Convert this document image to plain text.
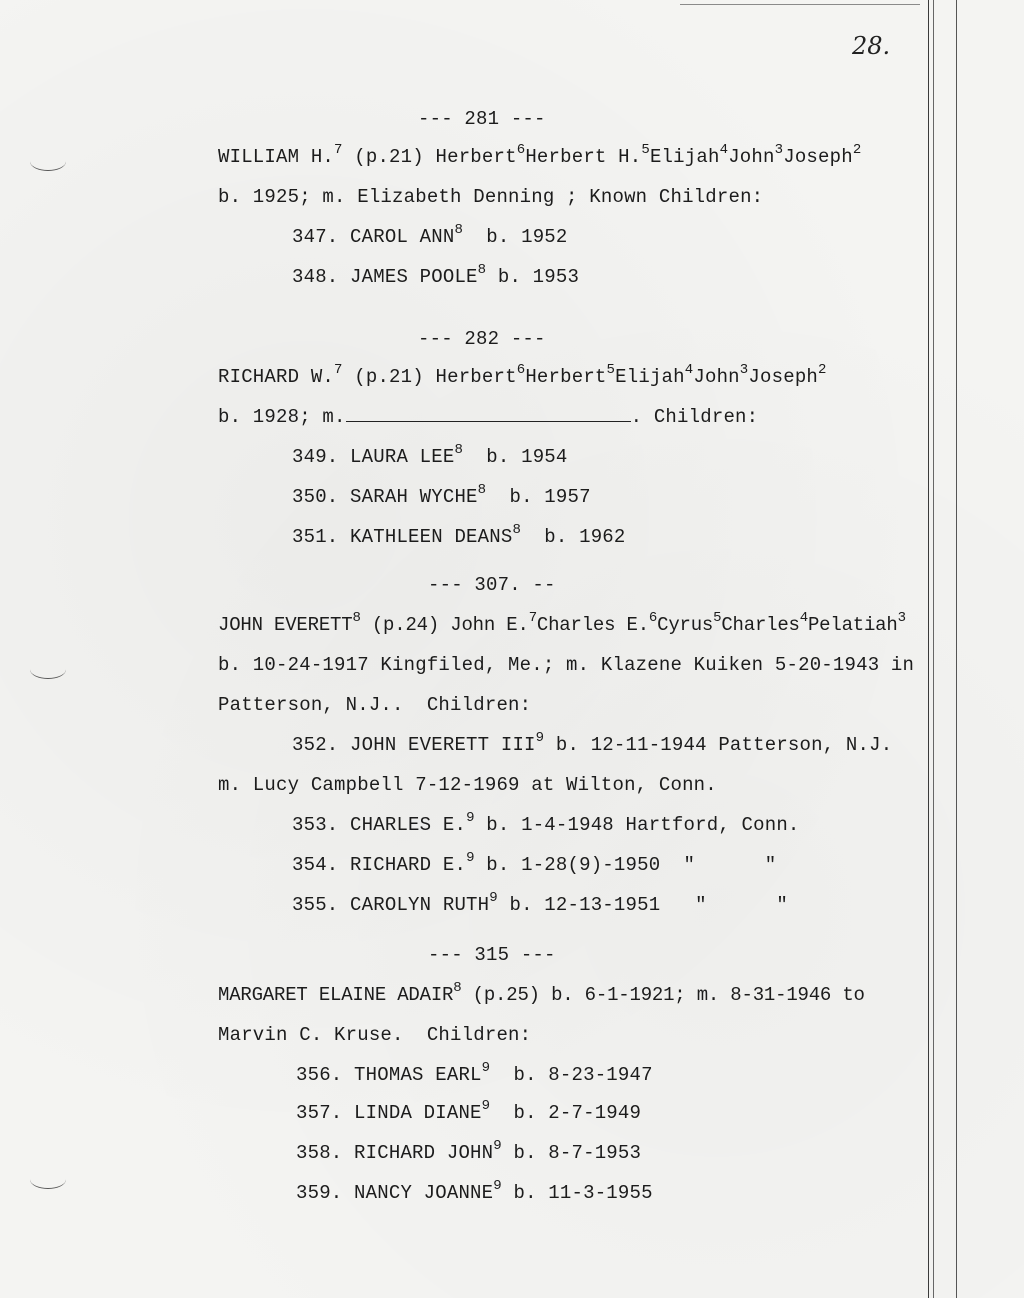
28.
--- 281 ---
WILLIAM H.$^7$ (p.21) Herbert$^6$Herbert H.$^5$Elijah$^4$John$^3$Joseph$^2$
b. 1925; m. Elizabeth Denning ; Known Children:
347. CAROL ANN$^8$ b. 1952
348. JAMES POOLE$^8$ b. 1953
--- 282 ---
RICHARD W.$^7$ (p.21) Herbert$^6$Herbert$^5$Elijah$^4$John$^3$Joseph$^2$
b. 1928; m.	. Children:
349. LAURA LEE$^8$ b. 1954
350. SARAH WYCHE$^8$ b. 1957
351. KATHLEEN DEANS$^8$ b. 1962
--- 307. --
JOHN EVERETT$^8$ (p.24) John E.$^7$Charles E.$^6$Cyrus$^5$Charles$^4$Pelatiah$^3$
b. 10-24-1917 Kingfiled, Me.; m. Klazene Kuiken 5-20-1943 in
Patterson, N.J..  Children:
352. JOHN EVERETT III$^9$ b. 12-11-1944 Patterson, N.J.
m. Lucy Campbell 7-12-1969 at Wilton, Conn.
353. CHARLES E.$^9$ b. 1-4-1948 Hartford, Conn.
354. RICHARD E.$^9$ b. 1-28(9)-1950  "      "
355. CAROLYN RUTH$^9$ b. 12-13-1951   "      "
--- 315 ---
MARGARET ELAINE ADAIR$^8$ (p.25) b. 6-1-1921; m. 8-31-1946 to
Marvin C. Kruse.  Children:
356. THOMAS EARL$^9$ b. 8-23-1947
357. LINDA DIANE$^9$ b. 2-7-1949
358. RICHARD JOHN$^9$ b. 8-7-1953
359. NANCY JOANNE$^9$ b. 11-3-1955
